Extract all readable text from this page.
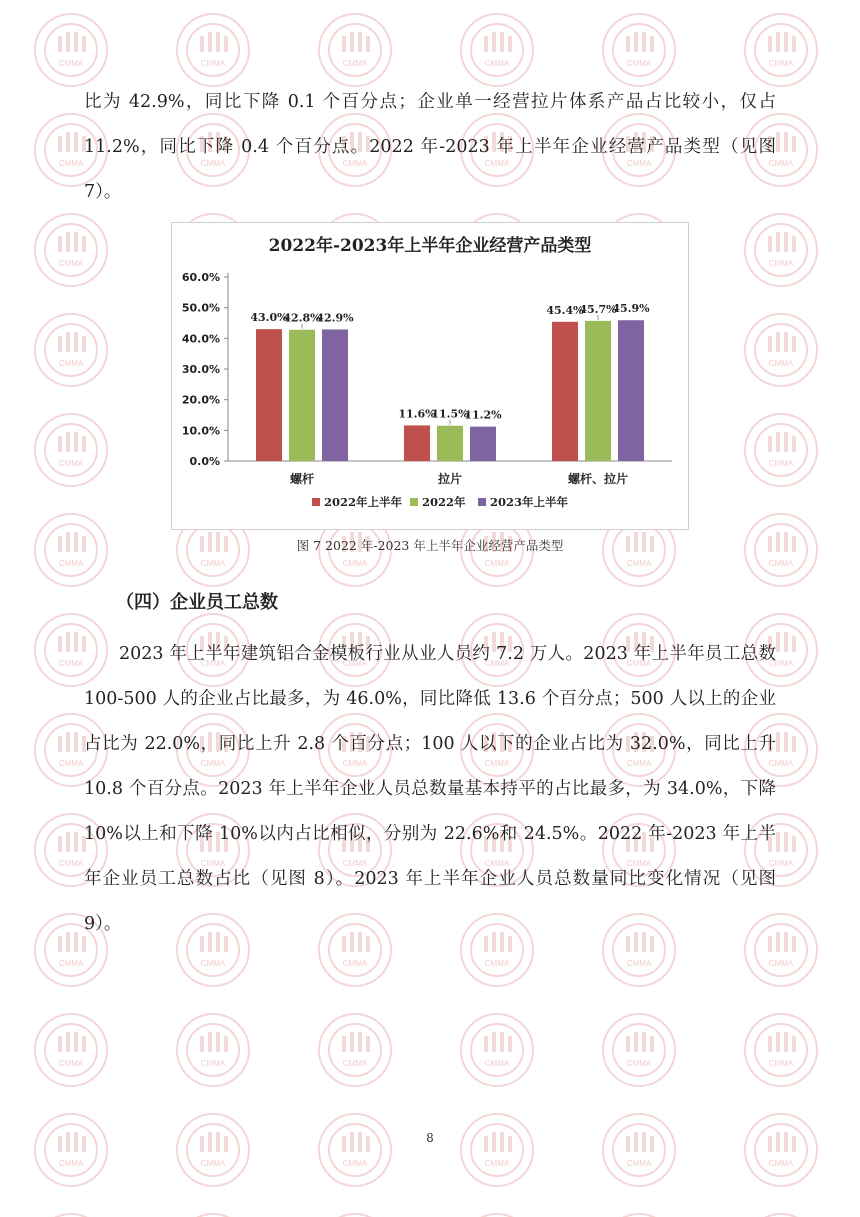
比为 42.9%，同比下降 0.1 个百分点；企业单一经营拉片体系产品占比较小，仅占 11.2%，同比下降 0.4 个百分点。2022 年-2023 年上半年企业经营产品类型（见图 7）。

2022年-2023年上半年企业经营产品类型
0.0%
10.0%
20.0%
30.0%
40.0%
50.0%
60.0%
43.0%
42.8%
42.9%
11.6%
11.5%
11.2%
45.4%
45.7%
45.9%
螺杆	拉片	螺杆、拉片
2022年上半年 2022年 2023年上半年

图 7 2022 年-2023 年上半年企业经营产品类型

（四）企业员工总数

2023 年上半年建筑铝合金模板行业从业人员约 7.2 万人。2023 年上半年员工总数 100-500 人的企业占比最多，为 46.0%，同比降低 13.6 个百分点；500 人以上的企业占比为 22.0%，同比上升 2.8 个百分点；100 人以下的企业占比为 32.0%，同比上升 10.8 个百分点。2023 年上半年企业人员总数量基本持平的占比最多，为 34.0%，下降 10%以上和下降 10%以内占比相似，分别为 22.6%和 24.5%。2022 年-2023 年上半年企业员工总数占比（见图 8）。2023 年上半年企业人员总数量同比变化情况（见图 9）。

8
